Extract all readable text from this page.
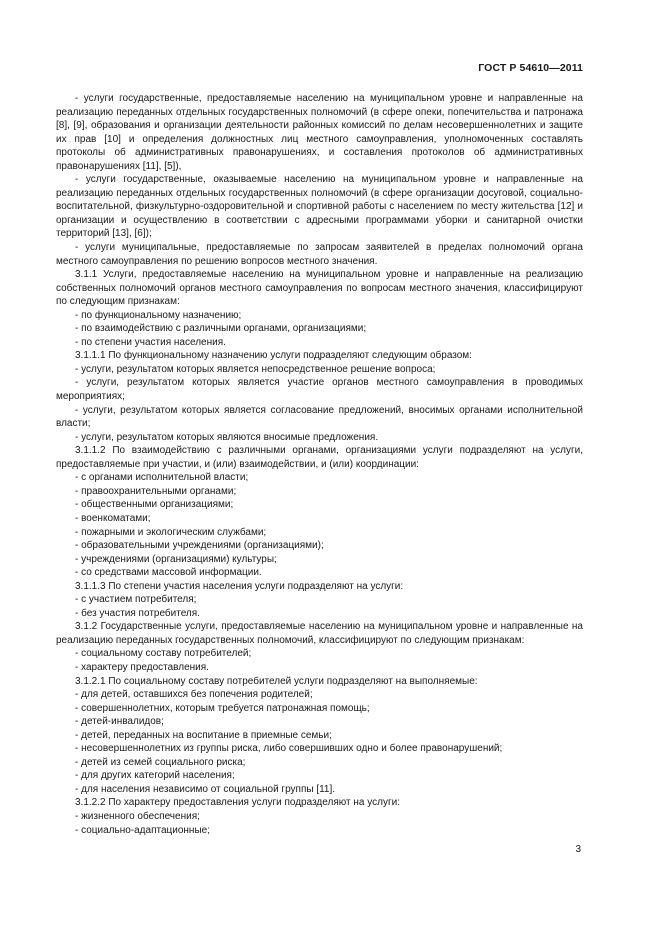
ГОСТ Р 54610—2011

- услуги государственные, предоставляемые населению на муниципальном уровне и направленные на реализацию переданных отдельных государственных полномочий (в сфере опеки, попечительства и патронажа [8], [9], образования и организации деятельности районных комиссий по делам несовершеннолетних и защите их прав [10] и определения должностных лиц местного самоуправления, уполномоченных составлять протоколы об административных правонарушениях, и составления протоколов об административных правонарушениях [11], [5]),

- услуги государственные, оказываемые населению на муниципальном уровне и направленные на реализацию переданных отдельных государственных полномочий (в сфере организации досуговой, социально-воспитательной, физкультурно-оздоровительной и спортивной работы с населением по месту жительства [12] и организации и осуществлению в соответствии с адресными программами уборки и санитарной очистки территорий [13], [6]);

- услуги муниципальные, предоставляемые по запросам заявителей в пределах полномочий органа местного самоуправления по решению вопросов местного значения.

3.1.1 Услуги, предоставляемые населению на муниципальном уровне и направленные на реализацию собственных полномочий органов местного самоуправления по вопросам местного значения, классифицируют по следующим признакам:

- по функциональному назначению;

- по взаимодействию с различными органами, организациями;

- по степени участия населения.

3.1.1.1 По функциональному назначению услуги подразделяют следующим образом:

- услуги, результатом которых является непосредственное решение вопроса;

- услуги, результатом которых является участие органов местного самоуправления в проводимых мероприятиях;

- услуги, результатом которых является согласование предложений, вносимых органами исполнительной власти;

- услуги, результатом которых являются вносимые предложения.

3.1.1.2 По взаимодействию с различными органами, организациями услуги подразделяют на услуги, предоставляемые при участии, и (или) взаимодействии, и (или) координации:

- с органами исполнительной власти;

- правоохранительными органами;

- общественными организациями;

- военкоматами;

- пожарными и экологическим службами;

- образовательными учреждениями (организациями);

- учреждениями (организациями) культуры;

- со средствами массовой информации.

3.1.1.3 По степени участия населения услуги подразделяют на услуги:

- с участием потребителя;

- без участия потребителя.

3.1.2 Государственные услуги, предоставляемые населению на муниципальном уровне и направленные на реализацию переданных государственных полномочий, классифицируют по следующим признакам:

- социальному составу потребителей;

- характеру предоставления.

3.1.2.1 По социальному составу потребителей услуги подразделяют на выполняемые:

- для детей, оставшихся без попечения родителей;

- совершеннолетних, которым требуется патронажная помощь;

- детей-инвалидов;

- детей, переданных на воспитание в приемные семьи;

- несовершеннолетних из группы риска, либо совершивших одно и более правонарушений;

- детей из семей социального риска;

- для других категорий населения;

- для населения независимо от социальной группы [11].

3.1.2.2 По характеру предоставления услуги подразделяют на услуги:

- жизненного обеспечения;

- социально-адаптационные;

3
